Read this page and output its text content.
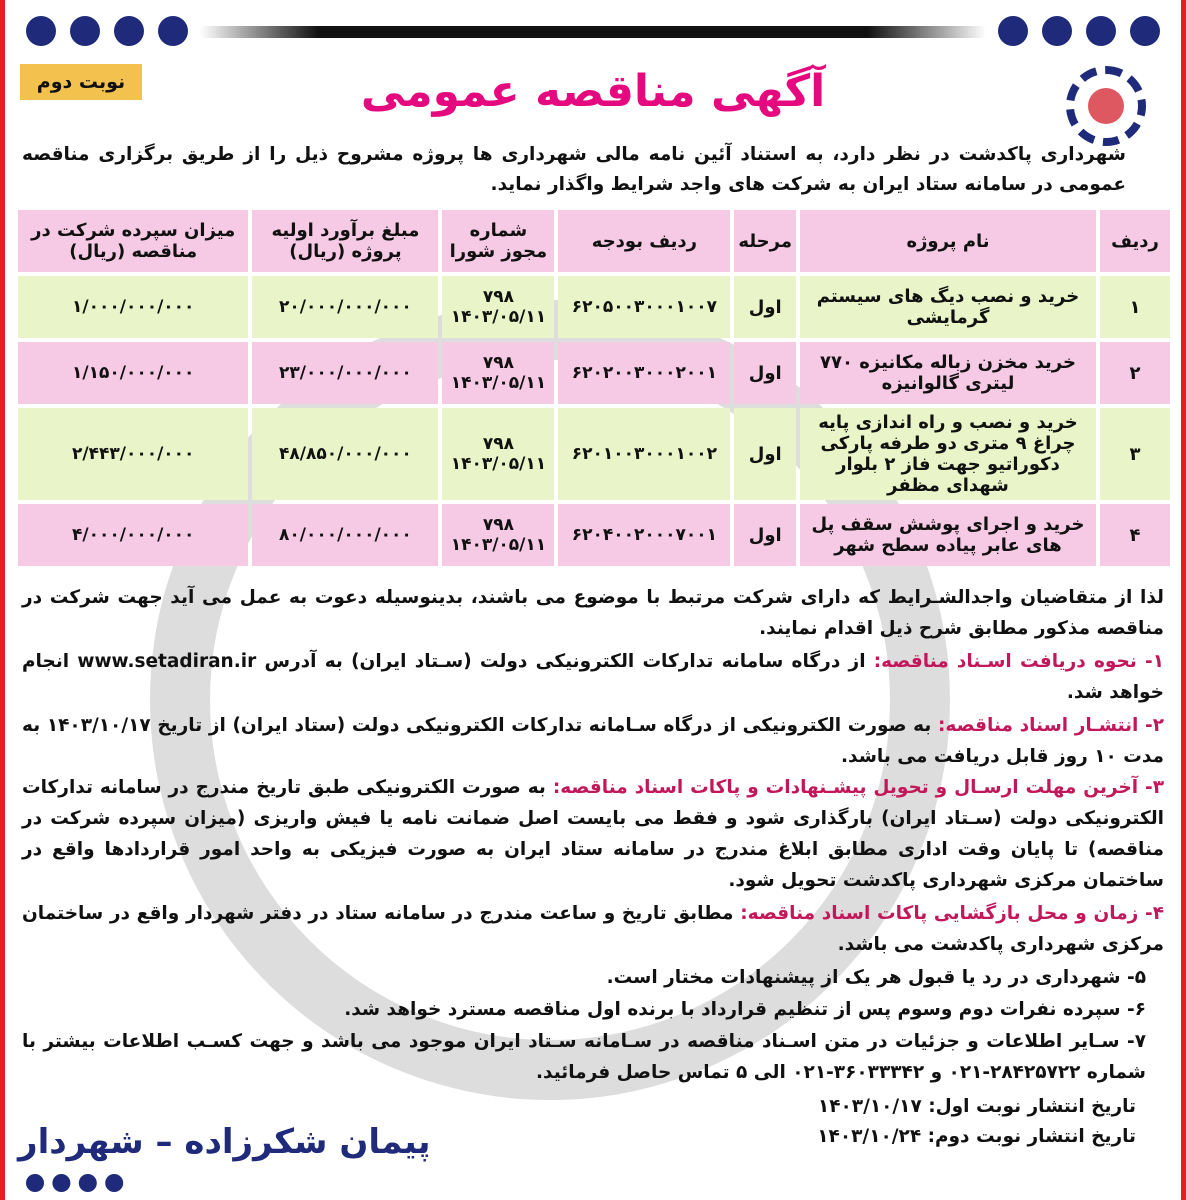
نوبت دوم	آگهی مناقصه عمومی
شهرداری پاکدشت در نظر دارد، به استناد آئین نامه مالی شهرداری ها پروژه مشروح ذیل را از طریق برگزاری مناقصه عمومی در سامانه ستاد ایران به شرکت های واجد شرایط واگذار نماید.
ردیف	نام پروژه	مرحله	ردیف بودجه	شماره مجوز شورا	مبلغ برآورد اولیه پروژه (ریال)	میزان سپرده شرکت در مناقصه (ریال)
۱	خرید و نصب دیگ های سیستم گرمایشی	اول	۶۲۰۵۰۰۳۰۰۰۱۰۰۷	۷۹۸ ۱۴۰۳/۰۵/۱۱	۲۰/۰۰۰/۰۰۰/۰۰۰	۱/۰۰۰/۰۰۰/۰۰۰
۲	خرید مخزن زباله مکانیزه ۷۷۰ لیتری گالوانیزه	اول	۶۲۰۲۰۰۳۰۰۰۲۰۰۱	۷۹۸ ۱۴۰۳/۰۵/۱۱	۲۳/۰۰۰/۰۰۰/۰۰۰	۱/۱۵۰/۰۰۰/۰۰۰
۳	خرید و نصب و راه اندازی پایه چراغ ۹ متری دو طرفه پارکی دکوراتیو جهت فاز ۲ بلوار شهدای مظفر	اول	۶۲۰۱۰۰۳۰۰۰۱۰۰۲	۷۹۸ ۱۴۰۳/۰۵/۱۱	۴۸/۸۵۰/۰۰۰/۰۰۰	۲/۴۴۳/۰۰۰/۰۰۰
۴	خرید و اجرای پوشش سقف پل های عابر پیاده سطح شهر	اول	۶۲۰۴۰۰۲۰۰۰۷۰۰۱	۷۹۸ ۱۴۰۳/۰۵/۱۱	۸۰/۰۰۰/۰۰۰/۰۰۰	۴/۰۰۰/۰۰۰/۰۰۰
لذا از متقاضیان واجدالشـرایط که دارای شرکت مرتبط با موضوع می باشند، بدینوسیله دعوت به عمل می آید جهت شرکت در مناقصه مذکور مطابق شرح ذیل اقدام نمایند.
۱- نحوه دریافت اسـناد مناقصه: از درگاه سامانه تدارکات الکترونیکی دولت (سـتاد ایران) به آدرس www.setadiran.ir انجام خواهد شد.
۲- انتشـار اسناد مناقصه: به صورت الکترونیکی از درگاه سـامانه تدارکات الکترونیکی دولت (ستاد ایران) از تاریخ ۱۴۰۳/۱۰/۱۷ به مدت ۱۰ روز قابل دریافت می باشد.
۳- آخرین مهلت ارسـال و تحویل پیشـنهادات و پاکات اسناد مناقصه: به صورت الکترونیکی طبق تاریخ مندرج در سامانه تدارکات الکترونیکی دولت (سـتاد ایران) بارگذاری شود و فقط می بایست اصل ضمانت نامه یا فیش واریزی (میزان سپرده شرکت در مناقصه) تا پایان وقت اداری مطابق ابلاغ مندرج در سامانه ستاد ایران به صورت فیزیکی به واحد امور قراردادها واقع در ساختمان مرکزی شهرداری پاکدشت تحویل شود.
۴- زمان و محل بازگشایی پاکات اسناد مناقصه: مطابق تاریخ و ساعت مندرج در سامانه ستاد در دفتر شهردار واقع در ساختمان مرکزی شهرداری پاکدشت می باشد.
۵- شهرداری در رد یا قبول هر یک از پیشنهادات مختار است.
۶- سپرده نفرات دوم وسوم پس از تنظیم قرارداد با برنده اول مناقصه مسترد خواهد شد.
۷- سـایر اطلاعات و جزئیات در متن اسـناد مناقصه در سـامانه سـتاد ایران موجود می باشد و جهت کسـب اطلاعات بیشتر با شماره ۲۸۴۲۵۷۲۲-۰۲۱ و ۳۶۰۳۳۳۴۲-۰۲۱ الی ۵ تماس حاصل فرمائید.
تاریخ انتشار نوبت اول: ۱۴۰۳/۱۰/۱۷
تاریخ انتشار نوبت دوم: ۱۴۰۳/۱۰/۲۴
پیمان شکرزاده – شهردار
